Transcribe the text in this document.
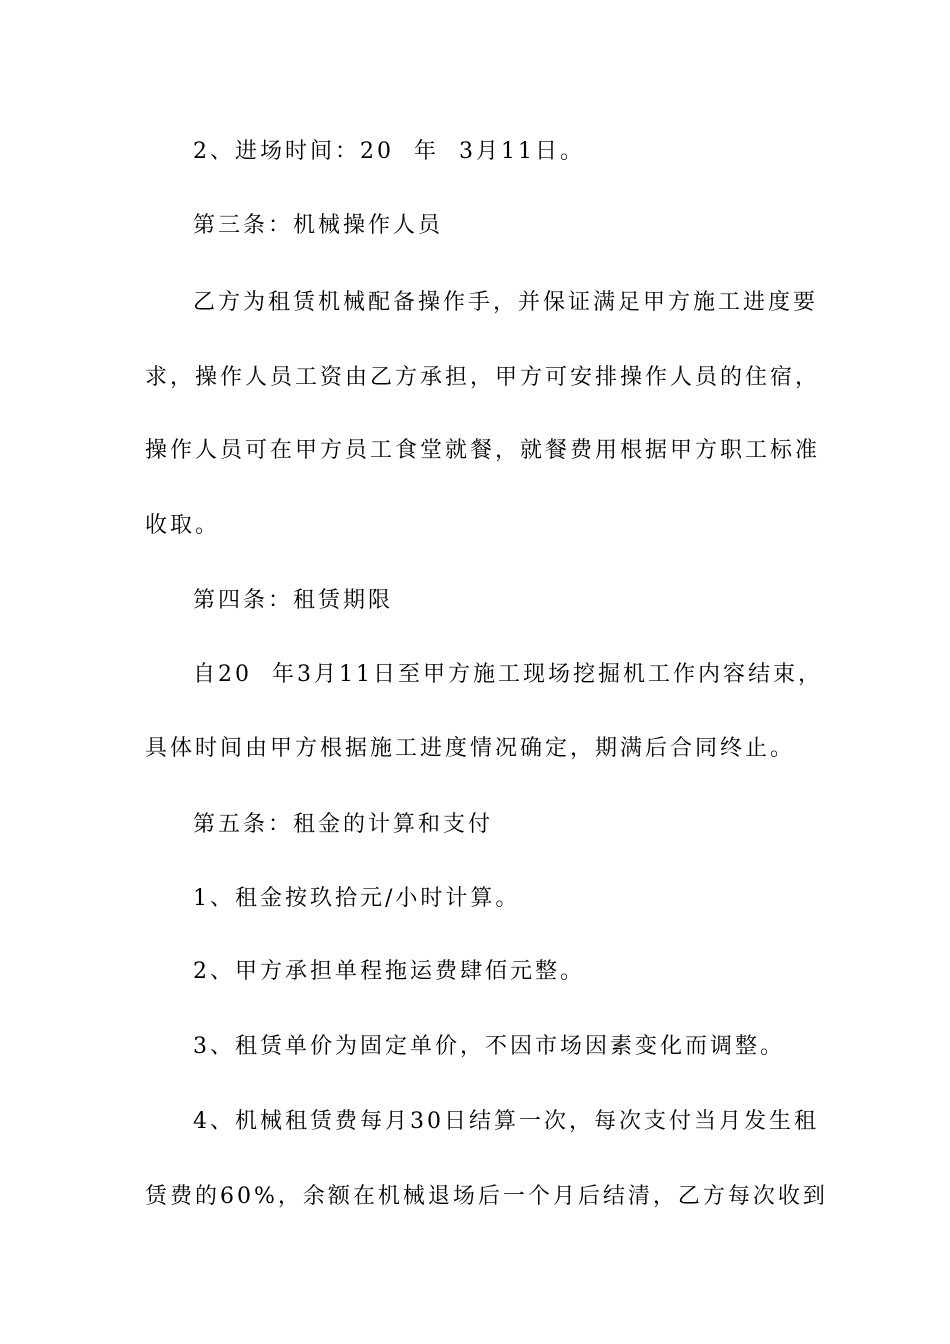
2、进场时间：20  年  3月11日。
第三条：机械操作人员
乙方为租赁机械配备操作手，并保证满足甲方施工进度要
求，操作人员工资由乙方承担，甲方可安排操作人员的住宿，
操作人员可在甲方员工食堂就餐，就餐费用根据甲方职工标准
收取。
第四条：租赁期限
自20  年3月11日至甲方施工现场挖掘机工作内容结束，
具体时间由甲方根据施工进度情况确定，期满后合同终止。
第五条：租金的计算和支付
1、租金按玖拾元/小时计算。
2、甲方承担单程拖运费肆佰元整。
3、租赁单价为固定单价，不因市场因素变化而调整。
4、机械租赁费每月30日结算一次，每次支付当月发生租
赁费的60%，余额在机械退场后一个月后结清，乙方每次收到
